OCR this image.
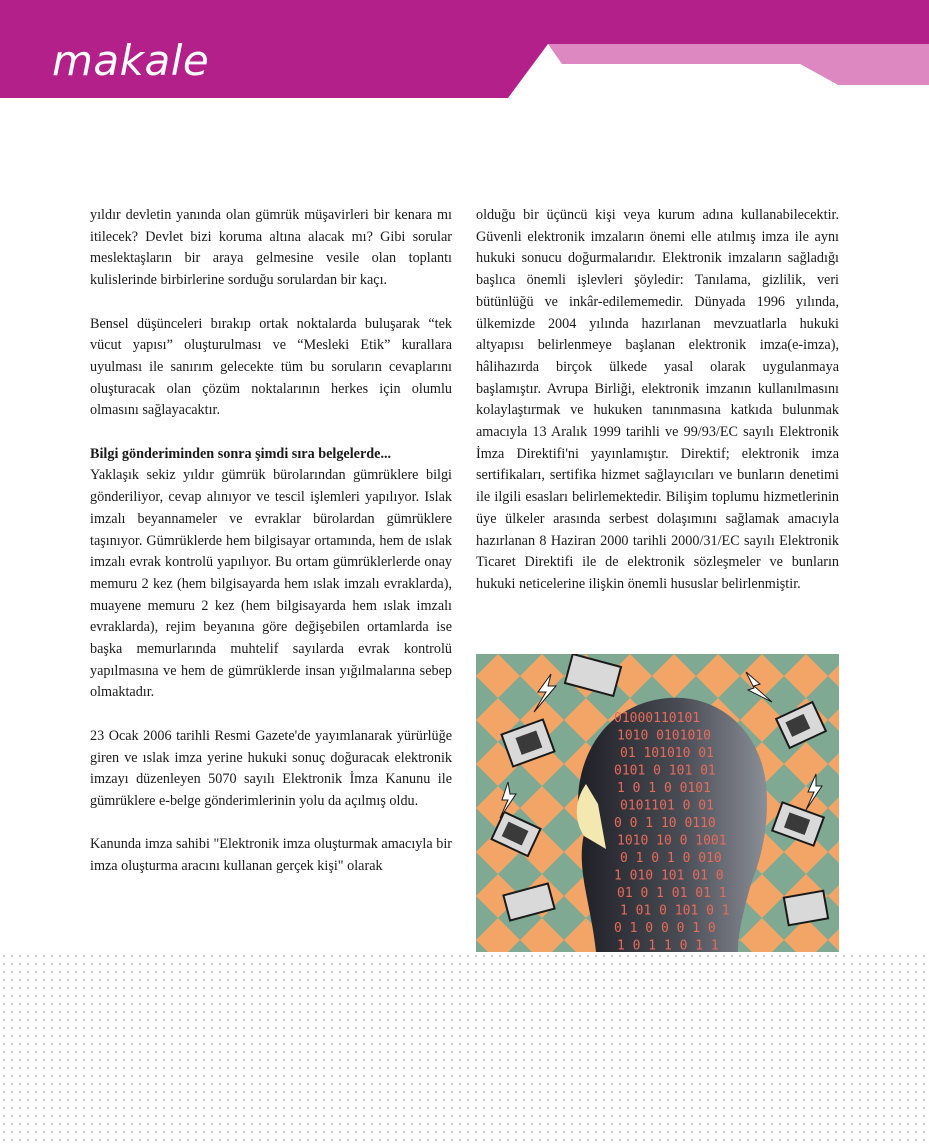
makale

yıldır devletin yanında olan gümrük müşavirleri bir kenara mı itilecek? Devlet bizi koruma altına alacak mı? Gibi sorular meslektaşların bir araya gelmesine vesile olan toplantı kulislerinde birbirlerine sorduğu sorulardan bir kaçı.

Bensel düşünceleri bırakıp ortak noktalarda buluşarak “tek vücut yapısı” oluşturulması ve “Mesleki Etik” kurallara uyulması ile sanırım gelecekte tüm bu soruların cevaplarını oluşturacak olan çözüm noktalarının herkes için olumlu olmasını sağlayacaktır.

Bilgi gönderiminden sonra şimdi sıra belgelerde...

Yaklaşık sekiz yıldır gümrük bürolarından gümrüklere bilgi gönderiliyor, cevap alınıyor ve tescil işlemleri yapılıyor. Islak imzalı beyannameler ve evraklar bürolardan gümrüklere taşınıyor. Gümrüklerde hem bilgisayar ortamında, hem de ıslak imzalı evrak kontrolü yapılıyor. Bu ortam gümrüklerlerde onay memuru 2 kez (hem bilgisayarda hem ıslak imzalı evraklarda), muayene memuru 2 kez (hem bilgisayarda hem ıslak imzalı evraklarda), rejim beyanına göre değişebilen ortamlarda ise başka memurlarında muhtelif sayılarda evrak kontrolü yapılmasına ve hem de gümrüklerde insan yığılmalarına sebep olmaktadır.

23 Ocak 2006 tarihli Resmi Gazete'de yayımlanarak yürürlüğe giren ve ıslak imza yerine hukuki sonuç doğuracak elektronik imzayı düzenleyen 5070 sayılı Elektronik İmza Kanunu ile gümrüklere e-belge gönderimlerinin yolu da açılmış oldu.

Kanunda imza sahibi "Elektronik imza oluşturmak amacıyla bir imza oluşturma aracını kullanan gerçek kişi" olarak

olduğu bir üçüncü kişi veya kurum adına kullanabilecektir. Güvenli elektronik imzaların önemi elle atılmış imza ile aynı hukuki sonucu doğurmalarıdır. Elektronik imzaların sağladığı başlıca önemli işlevleri şöyledir: Tanılama, gizlilik, veri bütünlüğü ve inkâr-edilememedir. Dünyada 1996 yılında, ülkemizde 2004 yılında hazırlanan mevzuatlarla hukuki altyapısı belirlenmeye başlanan elektronik imza(e-imza), hâlihazırda birçok ülkede yasal olarak uygulanmaya başlamıştır. Avrupa Birliği, elektronik imzanın kullanılmasını kolaylaştırmak ve hukuken tanınmasına katkıda bulunmak amacıyla 13 Aralık 1999 tarihli ve 99/93/EC sayılı Elektronik İmza Direktifi'ni yayınlamıştır. Direktif; elektronik imza sertifikaları, sertifika hizmet sağlayıcıları ve bunların denetimi ile ilgili esasları belirlemektedir. Bilişim toplumu hizmetlerinin üye ülkeler arasında serbest dolaşımını sağlamak amacıyla hazırlanan 8 Haziran 2000 tarihli 2000/31/EC sayılı Elektronik Ticaret Direktifi ile de elektronik sözleşmeler ve bunların hukuki neticelerine ilişkin önemli hususlar belirlenmiştir.

01000110101
1010 0101010
01 101010 01
0101 0 101 01
1 0 1 0 0101
0101101 0 01
0 0 1 10 0110
1010 10 0 1001
0 1 0 1 0 010
1 010 101 01 0
01 0 1 01 01 1
1 01 0 101 0 1
0 1 0 0 0 1 0
1 0 1 1 0 1 1
